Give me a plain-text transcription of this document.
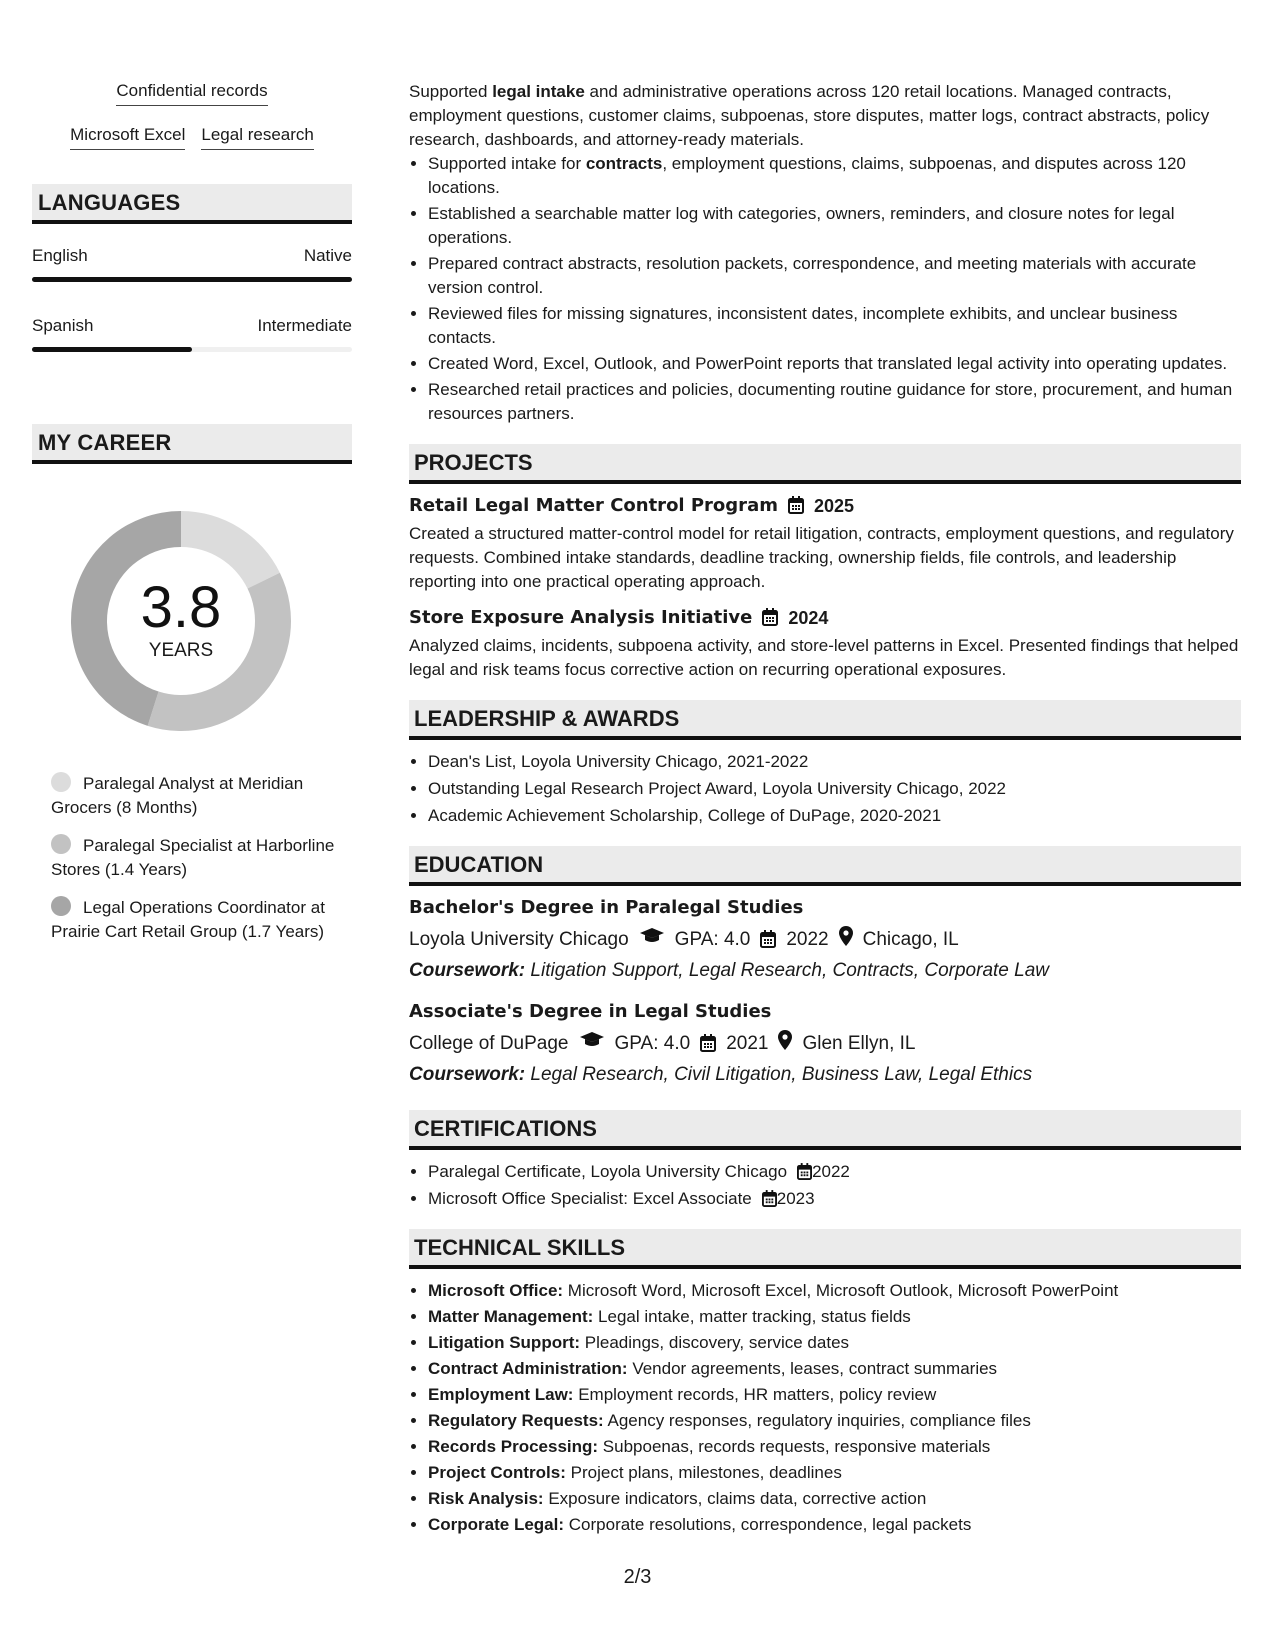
Confidential records
Microsoft Excel Legal research
LANGUAGES
English	Native
Spanish	Intermediate
MY CAREER
3.8
YEARS
Paralegal Analyst at Meridian Grocers (8 Months)
Paralegal Specialist at Harborline Stores (1.4 Years)
Legal Operations Coordinator at Prairie Cart Retail Group (1.7 Years)

Supported legal intake and administrative operations across 120 retail locations. Managed contracts, employment questions, customer claims, subpoenas, store disputes, matter logs, contract abstracts, policy research, dashboards, and attorney-ready materials.

• Supported intake for contracts, employment questions, claims, subpoenas, and disputes across 120 locations.
• Established a searchable matter log with categories, owners, reminders, and closure notes for legal operations.
• Prepared contract abstracts, resolution packets, correspondence, and meeting materials with accurate version control.
• Reviewed files for missing signatures, inconsistent dates, incomplete exhibits, and unclear business contacts.
• Created Word, Excel, Outlook, and PowerPoint reports that translated legal activity into operating updates.
• Researched retail practices and policies, documenting routine guidance for store, procurement, and human resources partners.
PROJECTS
Retail Legal Matter Control Program 2025
Created a structured matter-control model for retail litigation, contracts, employment questions, and regulatory requests. Combined intake standards, deadline tracking, ownership fields, file controls, and leadership reporting into one practical operating approach.
Store Exposure Analysis Initiative 2024
Analyzed claims, incidents, subpoena activity, and store-level patterns in Excel. Presented findings that helped legal and risk teams focus corrective action on recurring operational exposures.
LEADERSHIP & AWARDS
• Dean's List, Loyola University Chicago, 2021-2022
• Outstanding Legal Research Project Award, Loyola University Chicago, 2022
• Academic Achievement Scholarship, College of DuPage, 2020-2021
EDUCATION
Bachelor's Degree in Paralegal Studies
Loyola University Chicago GPA: 4.0 2022 Chicago, IL
Coursework: Litigation Support, Legal Research, Contracts, Corporate Law
Associate's Degree in Legal Studies
College of DuPage GPA: 4.0 2021 Glen Ellyn, IL
Coursework: Legal Research, Civil Litigation, Business Law, Legal Ethics
CERTIFICATIONS
• Paralegal Certificate, Loyola University Chicago 2022
• Microsoft Office Specialist: Excel Associate 2023
TECHNICAL SKILLS
• Microsoft Office: Microsoft Word, Microsoft Excel, Microsoft Outlook, Microsoft PowerPoint
• Matter Management: Legal intake, matter tracking, status fields
• Litigation Support: Pleadings, discovery, service dates
• Contract Administration: Vendor agreements, leases, contract summaries
• Employment Law: Employment records, HR matters, policy review
• Regulatory Requests: Agency responses, regulatory inquiries, compliance files
• Records Processing: Subpoenas, records requests, responsive materials
• Project Controls: Project plans, milestones, deadlines
• Risk Analysis: Exposure indicators, claims data, corrective action
• Corporate Legal: Corporate resolutions, correspondence, legal packets
2/3
